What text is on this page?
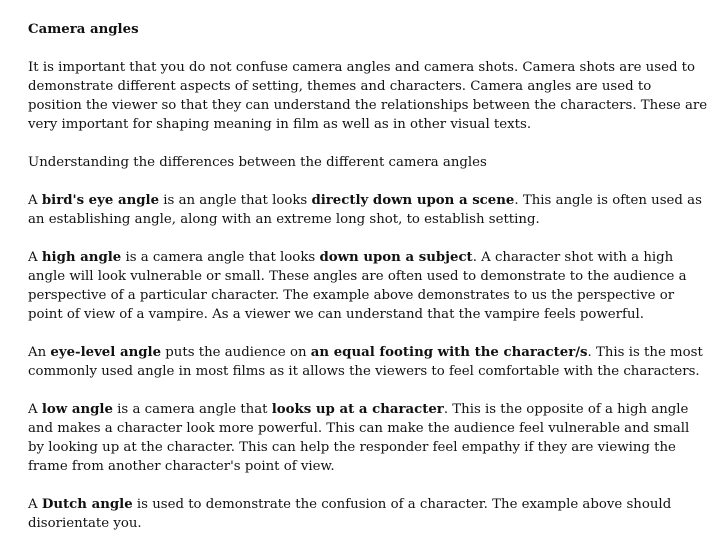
Camera angles

It is important that you do not confuse camera angles and camera shots. Camera shots are used to demonstrate different aspects of setting, themes and characters. Camera angles are used to position the viewer so that they can understand the relationships between the characters. These are very important for shaping meaning in film as well as in other visual texts.

Understanding the differences between the different camera angles

A bird's eye angle is an angle that looks directly down upon a scene. This angle is often used as an establishing angle, along with an extreme long shot, to establish setting.

A high angle is a camera angle that looks down upon a subject. A character shot with a high angle will look vulnerable or small. These angles are often used to demonstrate to the audience a perspective of a particular character. The example above demonstrates to us the perspective or point of view of a vampire. As a viewer we can understand that the vampire feels powerful.

An eye-level angle puts the audience on an equal footing with the character/s. This is the most commonly used angle in most films as it allows the viewers to feel comfortable with the characters.

A low angle is a camera angle that looks up at a character. This is the opposite of a high angle and makes a character look more powerful. This can make the audience feel vulnerable and small by looking up at the character. This can help the responder feel empathy if they are viewing the frame from another character's point of view.

A Dutch angle is used to demonstrate the confusion of a character. The example above should disorientate you.
